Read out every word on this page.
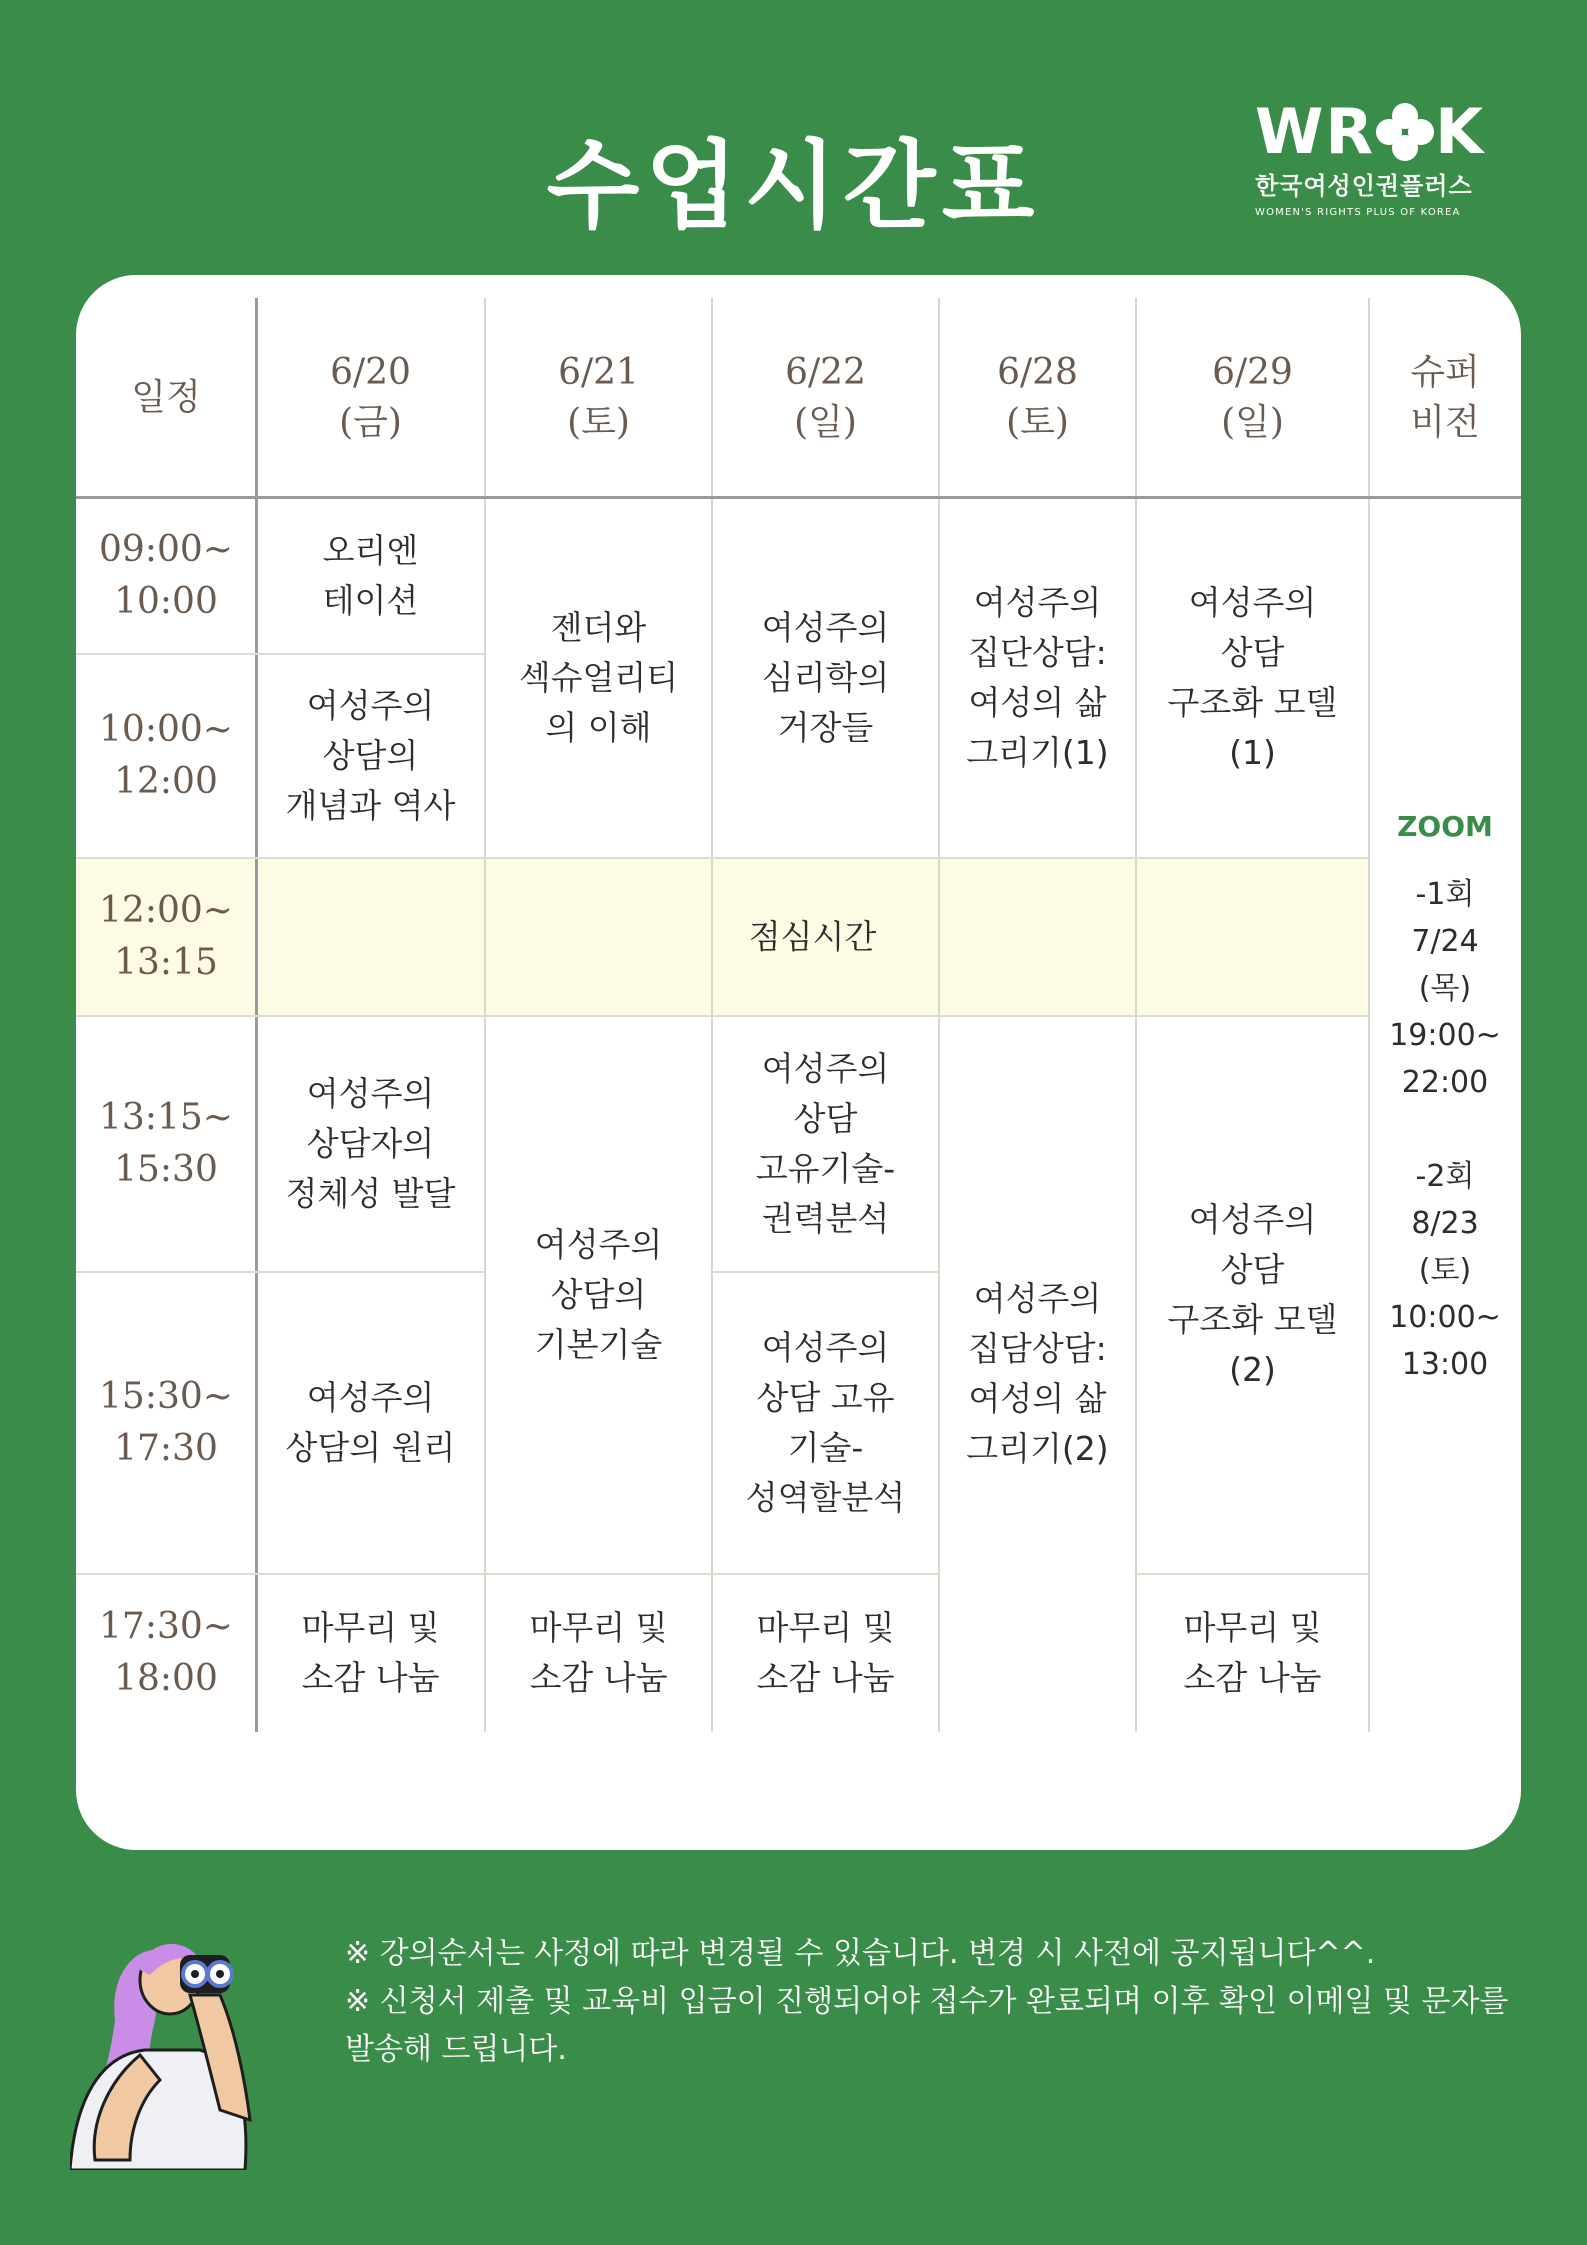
수업시간표	WR K
한국여성인권플러스
WOMEN'S RIGHTS PLUS OF KOREA
일정
6/20
(금)
6/21
(토)
6/22
(일)
6/28
(토)
6/29
(일)
슈퍼
비전
09:00~
10:00
10:00~
12:00
12:00~
13:15
13:15~
15:30
15:30~
17:30
17:30~
18:00
오리엔
테이션
여성주의
상담의
개념과 역사
젠더와
섹슈얼리티
의 이해
여성주의
심리학의
거장들
여성주의
집단상담:
여성의 삶
그리기(1)
여성주의
상담
구조화 모델
(1)
점심시간
여성주의
상담자의
정체성 발달
여성주의
상담의 원리
여성주의
상담의
기본기술
여성주의
상담
고유기술-
권력분석
여성주의
상담 고유
기술-
성역할분석
여성주의
집담상담:
여성의 삶
그리기(2)
여성주의
상담
구조화 모델
(2)
마무리 및
소감 나눔
마무리 및
소감 나눔
마무리 및
소감 나눔
마무리 및
소감 나눔
ZOOM
-1회
7/24
(목)
19:00~
22:00

-2회
8/23
(토)
10:00~
13:00

※ 강의순서는 사정에 따라 변경될 수 있습니다. 변경 시 사전에 공지됩니다^^.

※ 신청서 제출 및 교육비 입금이 진행되어야 접수가 완료되며 이후 확인 이메일 및 문자를 발송해 드립니다.
